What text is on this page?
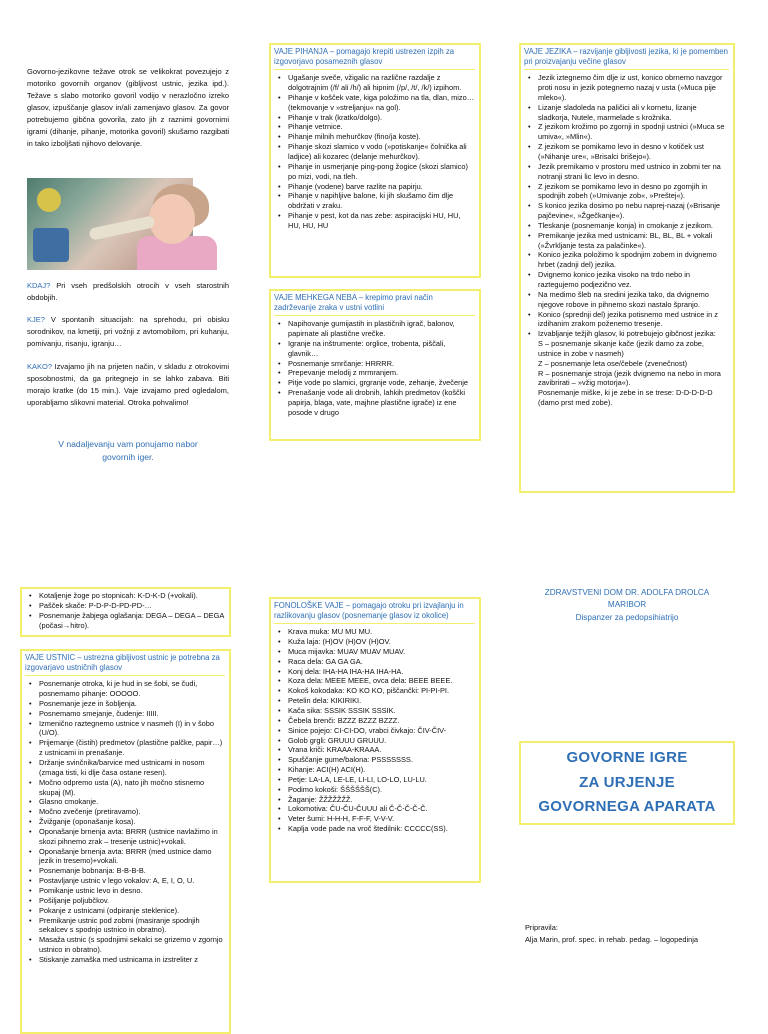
Govorno-jezikovne težave otrok se velikokrat povezujejo z motoriko govornih organov (gibljivost ustnic, jezika ipd.). Težave s slabo motoriko govoril vodijo v nerazločno izreko glasov, izpuščanje glasov in/ali zamenjavo glasov. Za govor potrebujemo gibčna govorila, zato jih z raznimi govornimi igrami (dihanje, pihanje, motorika govoril) skušamo razgibati in tako izboljšati njihovo delovanje.
KDAJ? Pri vseh predšolskih otrocih v vseh starostnih obdobjih.
KJE? V spontanih situacijah: na sprehodu, pri obisku sorodnikov, na kmetiji, pri vožnji z avtomobilom, pri kuhanju, pomivanju, risanju, igranju…
KAKO? Izvajamo jih na prijeten način, v skladu z otrokovimi sposobnostmi, da ga pritegnejo in se lahko zabava. Biti morajo kratke (do 15 min.). Vaje izvajamo pred ogledalom, uporabljamo slikovni material. Otroka pohvalimo!
V nadaljevanju vam ponujamo nabor govornih iger.
VAJE PIHANJA – pomagajo krepiti ustrezen izpih za izgovorjavo posameznih glasov
• Ugašanje sveče, vžigalic na različne razdalje z dolgotrajnim (/f/ ali /h/) ali hipnim (/p/, /t/, /k/) izpihom.
• Pihanje v košček vate, kiga položimo na tla, dlan, mizo… (tekmovanje v »streljanju« na gol).
• Pihanje v trak (kratko/dolgo).
• Pihanje vetrnice.
• Pihanje milnih mehurčkov (fino/ja koste).
• Pihanje skozi slamico v vodo (»potiskanje« čolnička ali ladjice) ali kozarec (delanje mehurčkov).
• Pihanje in usmerjanje ping-pong žogice (skozi slamico) po mizi, vodi, na tleh.
• Pihanje (vodene) barve razlite na papirju.
• Pihanje v napihljive balone, ki jih skušamo čim dlje obdržati v zraku.
• Pihanje v pest, kot da nas zebe: aspiracijski HU, HU, HU, HU, HU
VAJE MEHKEGA NEBA – krepimo pravi način zadrževanje zraka v ustni votlini
• Napihovanje gumijastih in plastičnih igrač, balonov, papirnate ali plastične vrečke.
• Igranje na inštrumente: orglice, trobenta, piščali, glavnik…
• Posnemanje smrčanje: HRRRR.
• Prepevanje melodij z mrmranjem.
• Pitje vode po slamici, grgranje vode, zehanje, žvečenje
• Prenašanje vode ali drobnih, lahkih predmetov (koščki papirja, blaga, vate, majhne plastične igrače) iz ene posode v drugo
VAJE JEZIKA – razvijanje gibljivosti jezika, ki je pomemben pri proizvajanju večine glasov
• Jezik iztegnemo čim dlje iz ust, konico obrnemo navzgor proti nosu in jezik potegnemo nazaj v usta (»Muca pije mleko«).
• Lizanje sladoleda na paličici ali v kornetu, lizanje sladkorja, Nutele, marmelade s krožnika.
• Z jezikom krožimo po zgornji in spodnji ustnici (»Muca se umiva«, »Mlin«).
• Z jezikom se pomikamo levo in desno v kotiček ust (»Nihanje ure«, »Brisalci brišejo«).
• Jezik premikamo v prostoru med ustnico in zobmi ter na notranji strani lic levo in desno.
• Z jezikom se pomikamo levo in desno po zgornjih in spodnjih zobeh (»Umivanje zob«, »Preštej«).
• S konico jezika dosimo po nebu naprej-nazaj (»Brisanje pajčevine«, »Žgečkanje«).
• Tleskanje (posnemanje konja) in cmokanje z jezikom.
• Premikanje jezika med ustnicami: BL, BL, BL + vokali (»Žvrkljanje testa za palačinke«).
• Konico jezika položimo k spodnjim zobem in dvignemo hrbet (zadnji del) jezika.
• Dvignemo konico jezika visoko na trdo nebo in raztegujemo podjezično vez.
• Na medimo šleb na sredini jezika tako, da dvignemo njegove robove in pihnemo skozi nastalo špranjo.
• Konico (sprednji del) jezika potisnemo med ustnice in z izdihanim zrakom poženemo tresenje.
• Izvabljanje težjih glasov, ki potrebujejo gibčnost jezika:
S – posnemanje sikanje kače (jezik damo za zobe, ustnice in zobe v nasmeh)
Z – posnemanje leta ose/čebele (zvenečnost)
R – posnemanje stroja (jezik dvignemo na nebo in mora zavibrirati – »vžig motorja«).
Posnemanje miške, ki je zebe in se trese: D-D-D-D-D (damo prst med zobe).
• Kotaljenje žoge po stopnicah: K-D-K-D (+vokali).
• Pašček skače: P-D-P-D-PD-PD-…
• Posnemanje žabjega oglašanja: DEGA – DEGA – DEGA (počasi→hitro).
VAJE USTNIC – ustrezna gibljivost ustnic je potrebna za izgovarjavo ustničnih glasov
• Posnemanje otroka, ki je hud in se šobi, se čudi, posnemamo pihanje: OOOOO.
• Posnemanje jeze in šobljenja.
• Posnemamo smejanje, čudenje: IIIII.
• Izmenično raztegnemo ustnice v nasmeh (I) in v šobo (U/O).
• Prijemanje (čistih) predmetov (plastične palčke, papir…) z ustnicami in prenašanje.
• Držanje svinčnika/barvice med ustnicami in nosom (zmaga tisti, ki dlje časa ostane resen).
• Močno odpremo usta (A), nato jih močno stisnemo skupaj (M).
• Glasno cmokanje.
• Močno zvečenje (pretiravamo).
• Žvižganje (oponašanje kosa).
• Oponašanje brnenja avta: BRRR (ustnice navlažimo in skozi pihnemo zrak – tresenje ustnic)+vokali.
• Oponašanje brnenja avta: BRRR (med ustnice damo jezik in tresemo)+vokali.
• Posnemanje bobnanja: B-B-B-B.
• Postavljanje ustnic v lego vokalov: A, E, I, O, U.
• Pomikanje ustnic levo in desno.
• Pošiljanje poljubčkov.
• Pokanje z ustnicami (odpiranje steklenice).
• Premikanje ustnic pod zobmi (masiranje spodnjih sekalcev s spodnjo ustnico in obratno).
• Masaža ustnic (s spodnjimi sekalci se grizemo v zgornjo ustnico in obratno).
• Stiskanje zamaška med ustnicama in izstreliter z
FONOLOŠKE VAJE – pomagajo otroku pri izvajlanju in razlikovanju glasov (posnemanje glasov iz okolice)
• Krava muka: MU MU MU.
• Kuža laja: (H)OV (H)OV (H)OV.
• Muca mijavka: MUAV MUAV MUAV.
• Raca dela: GA GA GA.
• Konj dela: IHA-HA IHA-HA IHA-HA.
• Koza dela: MEEE MEEE, ovca dela: BEEE BEEE.
• Kokoš kokodaka: KO KO KO, piščančki: PI-PI-PI.
• Petelin dela: KIKIRIKI.
• Kača sika: SSSIK SSSIK SSSIK.
• Čebela brenči: BZZZ BZZZ BZZZ.
• Sinice pojejo: CI-CI-DO, vrabci čivkajo: ČIV-ČIV-
• Golob grgli: GRUUU GRUUU.
• Vrana kriči: KRAAA-KRAAA.
• Spuščanje gume/balona: PSSSSSSS.
• Kihanje: ACI(H) ACI(H).
• Petje: LA-LA, LE-LE, LI-LI, LO-LO, LU-LU.
• Podimo kokoši: ŠŠŠŠŠŠ(C).
• Žaganje: ŽŽŽŽŽŽŽ.
• Lokomotiva: ČU-ČU-ČUUU ali Č-Č-Č-Č-Č.
• Veter šumi: H-H-H, F-F-F, V-V-V.
• Kaplja vode pade na vroč štedilnik: CCCCC(SS).
ZDRAVSTVENI DOM DR. ADOLFA DROLCA
MARIBOR
Dispanzer za pedopsihiatrijo
GOVORNE IGRE
ZA URJENJE
GOVORNEGA APARATA
Pripravila:
Alja Marin, prof. spec. in rehab. pedag. – logopedinja
